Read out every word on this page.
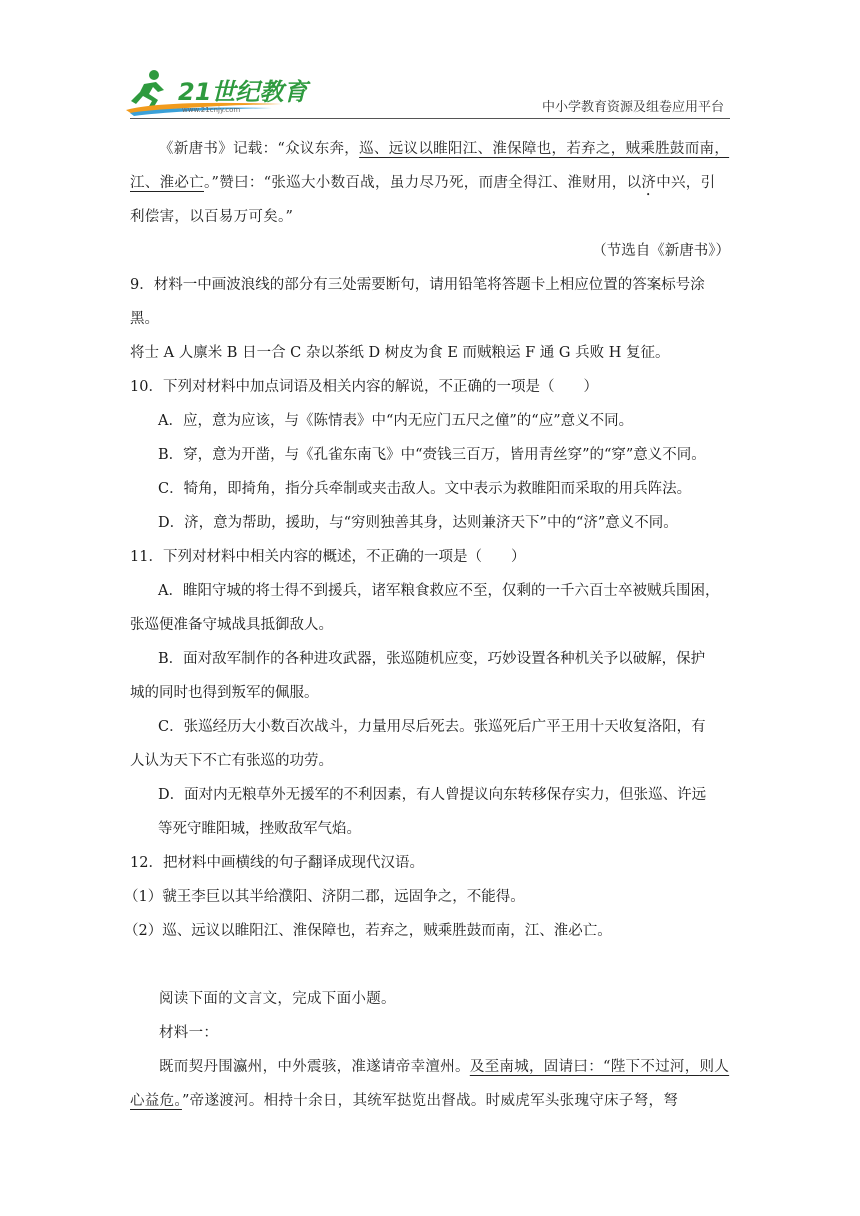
21世纪教育
www.21cnjy.com	中小学教育资源及组卷应用平台

《新唐书》记载：“众议东奔，巡、远议以睢阳江、淮保障也，若弃之，贼乘胜鼓而南，江、淮必亡。”赞曰：“张巡大小数百战，虽力尽乃死，而唐全得江、淮财用，以济中兴，引利偿害，以百易万可矣。”

（节选自《新唐书》）

9．材料一中画波浪线的部分有三处需要断句，请用铅笔将答题卡上相应位置的答案标号涂黑。

将士 A 人廪米 B 日一合 C 杂以茶纸 D 树皮为食 E 而贼粮运 F 通 G 兵败 H 复征。

10．下列对材料中加点词语及相关内容的解说，不正确的一项是（　　）

A．应，意为应该，与《陈情表》中“内无应门五尺之僮”的“应”意义不同。

B．穿，意为开凿，与《孔雀东南飞》中“赍钱三百万，皆用青丝穿”的“穿”意义不同。

C．犄角，即掎角，指分兵牵制或夹击敌人。文中表示为救睢阳而采取的用兵阵法。

D．济，意为帮助，援助，与“穷则独善其身，达则兼济天下”中的“济”意义不同。

11．下列对材料中相关内容的概述，不正确的一项是（　　）

A．睢阳守城的将士得不到援兵，诸军粮食救应不至，仅剩的一千六百士卒被贼兵围困，

张巡便准备守城战具抵御敌人。

B．面对敌军制作的各种进攻武器，张巡随机应变，巧妙设置各种机关予以破解，保护

城的同时也得到叛军的佩服。

C．张巡经历大小数百次战斗，力量用尽后死去。张巡死后广平王用十天收复洛阳，有

人认为天下不亡有张巡的功劳。

D．面对内无粮草外无援军的不利因素，有人曾提议向东转移保存实力，但张巡、许远

等死守睢阳城，挫败敌军气焰。

12．把材料中画横线的句子翻译成现代汉语。

（1）虢王李巨以其半给濮阳、济阴二郡，远固争之，不能得。

（2）巡、远议以睢阳江、淮保障也，若弃之，贼乘胜鼓而南，江、淮必亡。

阅读下面的文言文，完成下面小题。

材料一：

既而契丹围瀛州，中外震骇，准遂请帝幸澶州。及至南城，固请曰：“陛下不过河，则人心益危。”帝遂渡河。相持十余日，其统军挞览出督战。时威虎军头张瑰守床子弩，弩
